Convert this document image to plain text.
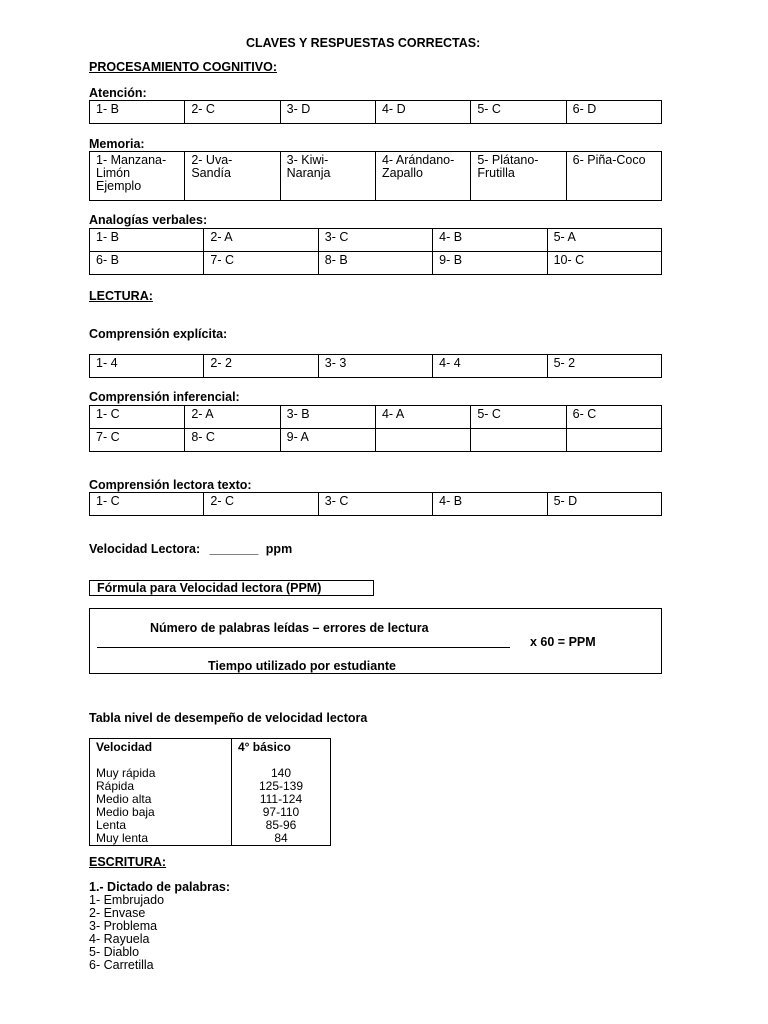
CLAVES Y RESPUESTAS CORRECTAS:
PROCESAMIENTO COGNITIVO:
Atención:
1- B	2- C	3- D	4- D	5- C	6- D
Memoria:
1- Manzana- Limón Ejemplo	2- Uva- Sandía	3- Kiwi- Naranja	4- Arándano- Zapallo	5- Plátano- Frutilla	6- Piña-Coco
Analogías verbales:
1- B	2- A	3- C	4- B	5- A
6- B	7- C	8- B	9- B	10- C
LECTURA:
Comprensión explícita:
1- 4	2- 2	3- 3	4- 4	5- 2
Comprensión inferencial:
1- C	2- A	3- B	4- A	5- C	6- C
7- C	8- C	9- A			
Comprensión lectora texto:
1- C	2- C	3- C	4- B	5- D
Velocidad Lectora: _______ ppm
Fórmula para Velocidad lectora (PPM)
Número de palabras leídas – errores de lectura
x 60 = PPM
Tiempo utilizado por estudiante
Tabla nivel de desempeño de velocidad lectora
Velocidad	4° básico
Muy rápida	140
Rápida	125-139
Medio alta	111-124
Medio baja	97-110
Lenta	85-96
Muy lenta	84
ESCRITURA:
1.- Dictado de palabras:
1- Embrujado
2- Envase
3- Problema
4- Rayuela
5- Diablo
6- Carretilla
